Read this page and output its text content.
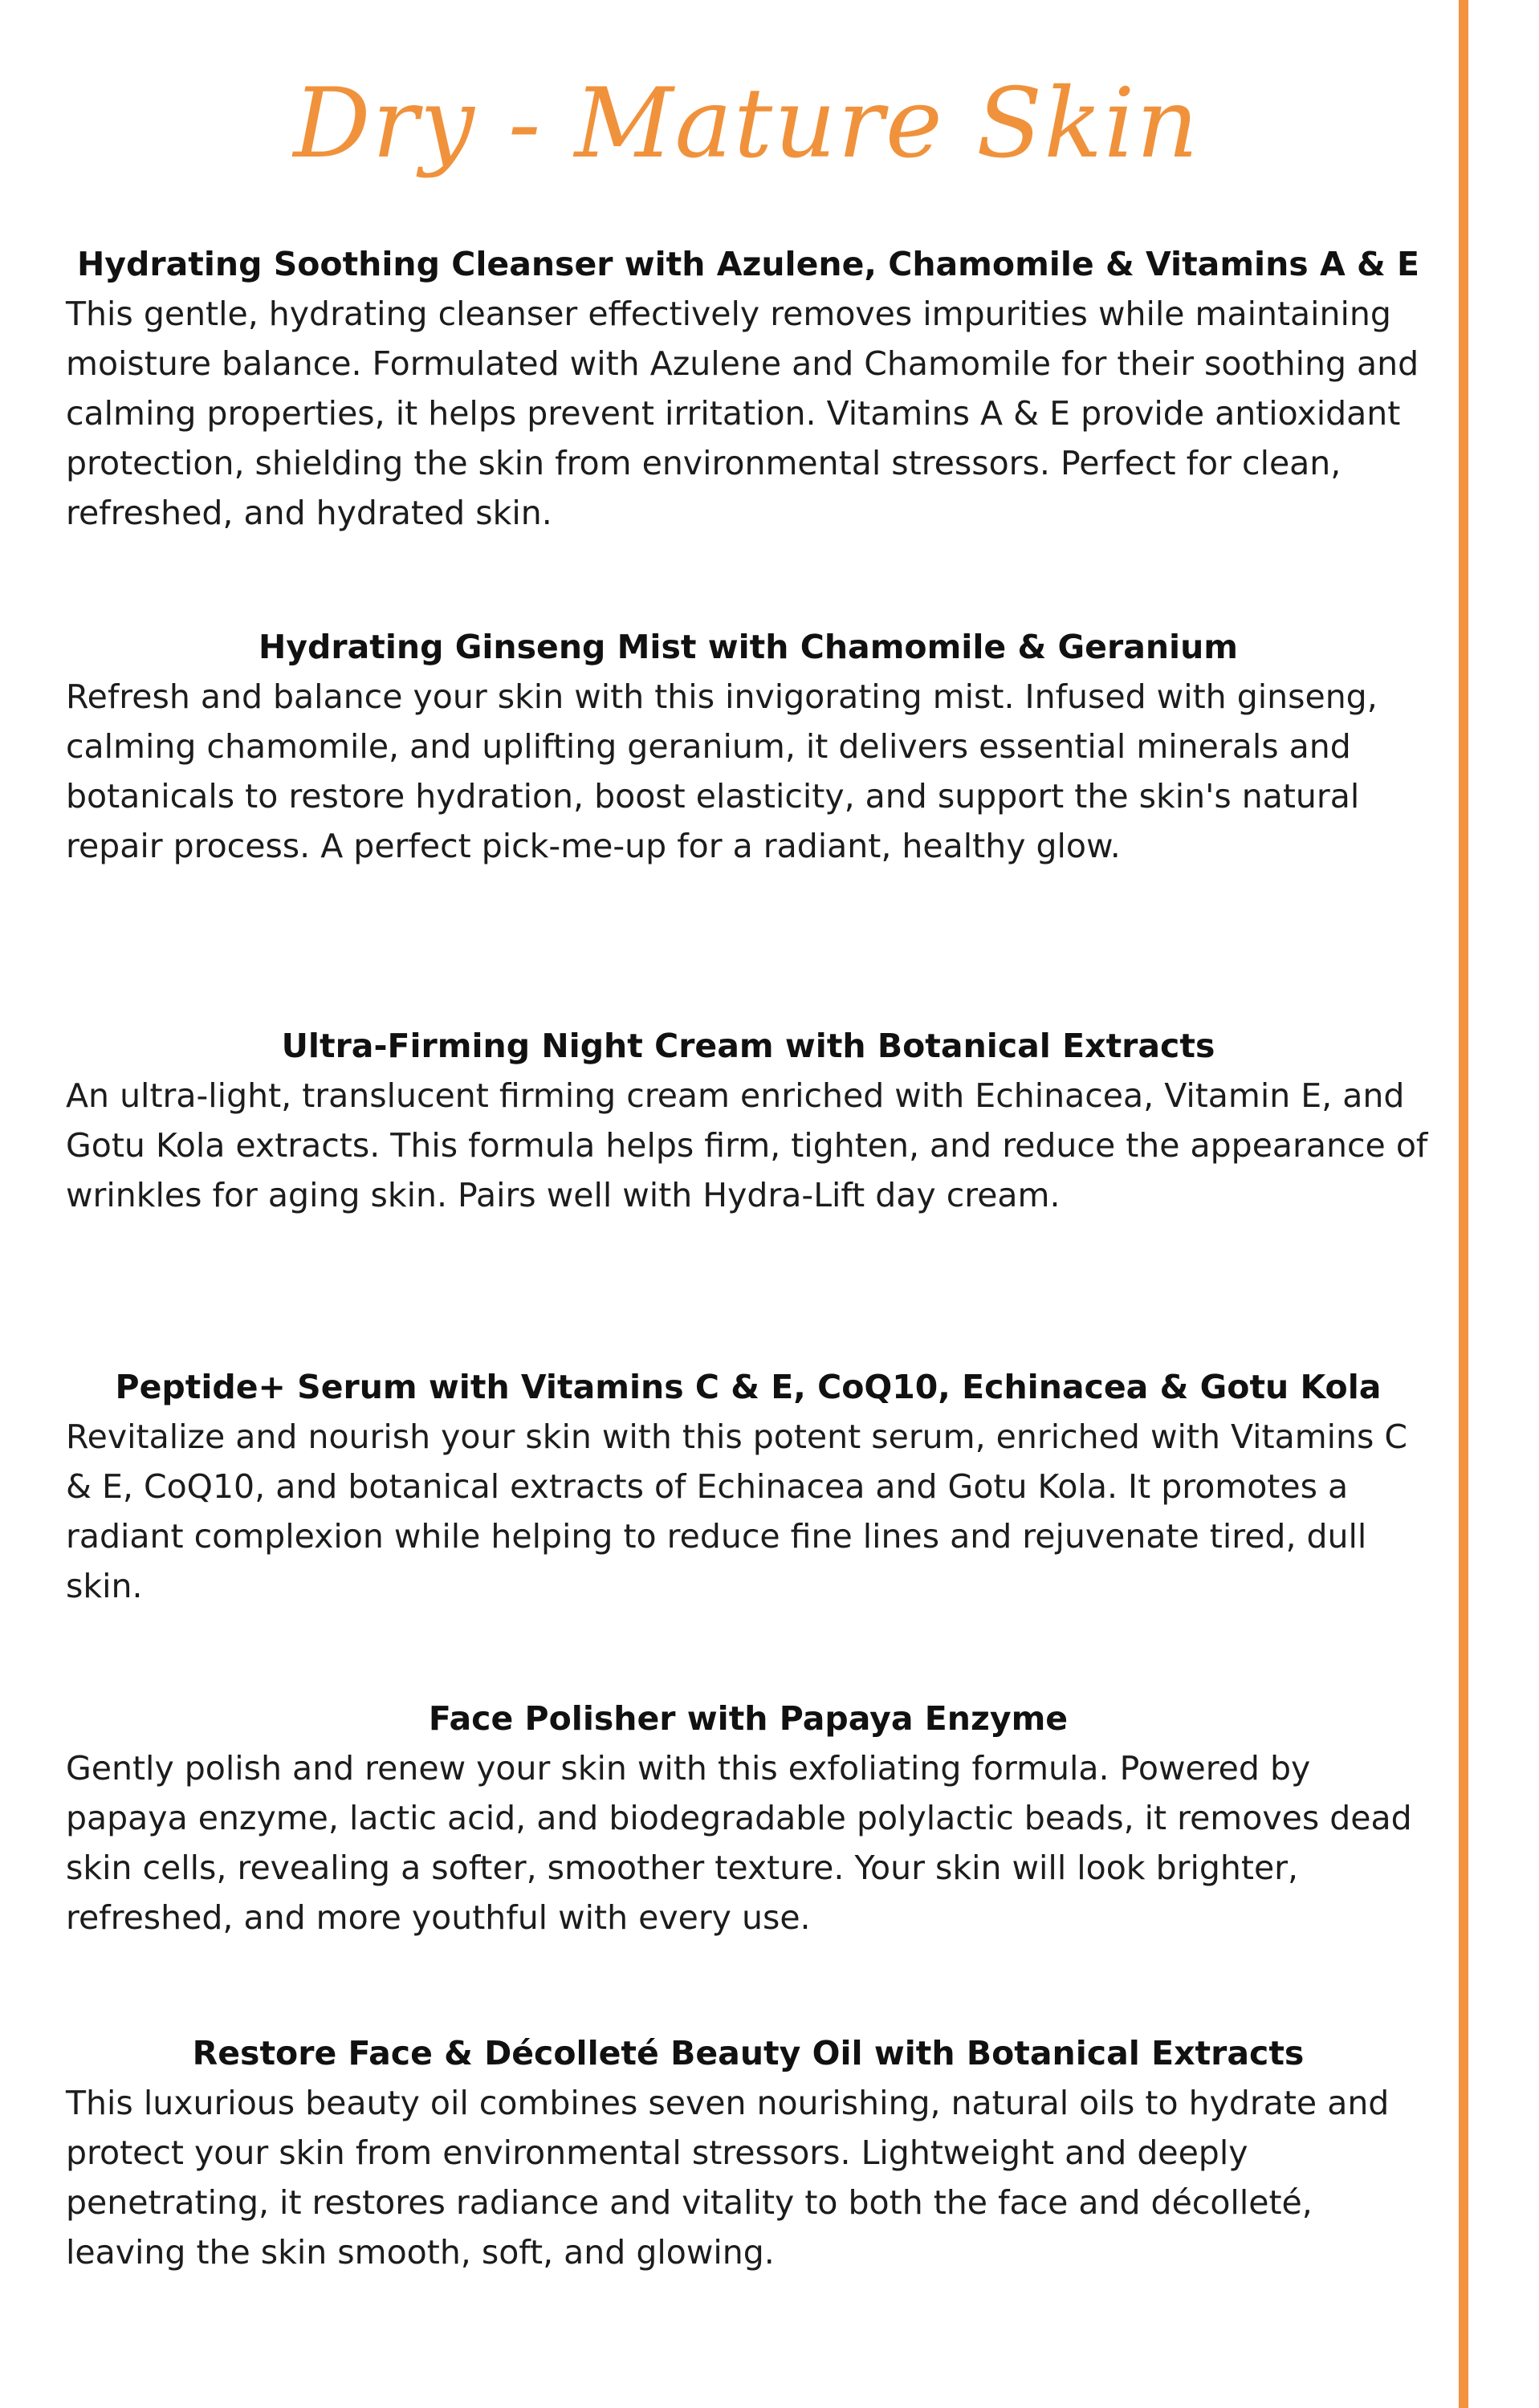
Dry - Mature Skin
Hydrating Soothing Cleanser with Azulene, Chamomile & Vitamins A & E

This gentle, hydrating cleanser effectively removes impurities while maintaining moisture balance. Formulated with Azulene and Chamomile for their soothing and calming properties, it helps prevent irritation. Vitamins A & E provide antioxidant protection, shielding the skin from environmental stressors. Perfect for clean, refreshed, and hydrated skin.

Hydrating Ginseng Mist with Chamomile & Geranium

Refresh and balance your skin with this invigorating mist. Infused with ginseng, calming chamomile, and uplifting geranium, it delivers essential minerals and botanicals to restore hydration, boost elasticity, and support the skin's natural repair process. A perfect pick-me-up for a radiant, healthy glow.

Ultra-Firming Night Cream with Botanical Extracts

An ultra-light, translucent firming cream enriched with Echinacea, Vitamin E, and Gotu Kola extracts. This formula helps firm, tighten, and reduce the appearance of wrinkles for aging skin. Pairs well with Hydra-Lift day cream.

Peptide+ Serum with Vitamins C & E, CoQ10, Echinacea & Gotu Kola

Revitalize and nourish your skin with this potent serum, enriched with Vitamins C & E, CoQ10, and botanical extracts of Echinacea and Gotu Kola. It promotes a radiant complexion while helping to reduce fine lines and rejuvenate tired, dull skin.

Face Polisher with Papaya Enzyme

Gently polish and renew your skin with this exfoliating formula. Powered by papaya enzyme, lactic acid, and biodegradable polylactic beads, it removes dead skin cells, revealing a softer, smoother texture. Your skin will look brighter, refreshed, and more youthful with every use.

Restore Face & Décolleté Beauty Oil with Botanical Extracts

This luxurious beauty oil combines seven nourishing, natural oils to hydrate and protect your skin from environmental stressors. Lightweight and deeply penetrating, it restores radiance and vitality to both the face and décolleté, leaving the skin smooth, soft, and glowing.
